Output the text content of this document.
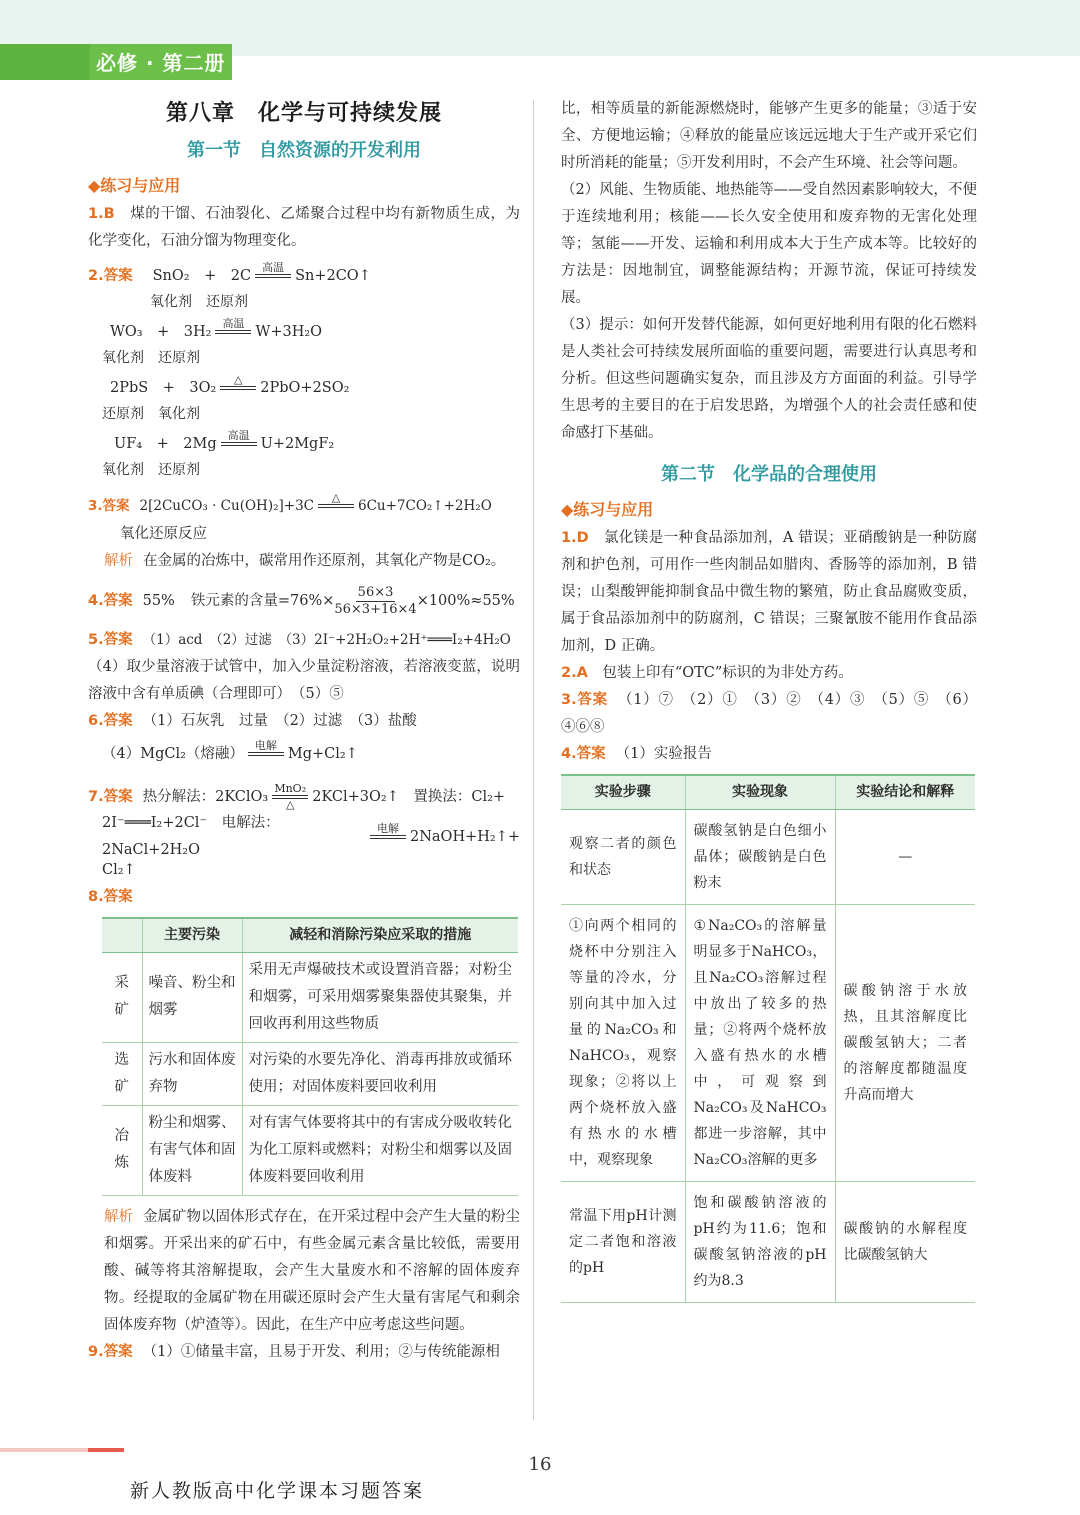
必修 · 第二册
第八章　化学与可持续发展
第一节　自然资源的开发利用
◆练习与应用

1.B　 煤的干馏、石油裂化、乙烯聚合过程中均有新物质生成，为化学变化，石油分馏为物理变化。

2.答案 SnO₂　+　2C 高温 Sn+2CO↑
氧化剂　还原剂
WO₃　+　3H₂ 高温 W+3H₂O
氧化剂　还原剂
2PbS　+　3O₂ △ 2PbO+2SO₂
还原剂　氧化剂
UF₄　+　2Mg 高温 U+2MgF₂
氧化剂　还原剂
3.答案 2[2CuCO₃ · Cu(OH)₂]+3C △ 6Cu+7CO₂↑+2H₂O
氧化还原反应

解析 在金属的冶炼中，碳常用作还原剂，其氧化产物是CO₂。

4.答案 55% 铁元素的含量$=76\%\times \frac{56\times 3}{56\times 3+16\times 4} \times 100\%\approx 55\%$

5.答案 （1）acd　（2）过滤　（3）2I⁻+2H₂O₂+2H⁺═══I₂+4H₂O

（4）取少量溶液于试管中，加入少量淀粉溶液，若溶液变蓝，说明溶液中含有单质碘（合理即可）　（5）⑤

6.答案 （1）石灰乳　过量　（2）过滤　（3）盐酸

（4）MgCl₂（熔融） 电解 Mg+Cl₂↑
7.答案 热分解法：2KClO₃ MnO₂
△ 2KCl+3O₂↑　置换法：Cl₂+
2I⁻═══I₂+2Cl⁻　电解法：2NaCl+2H₂O
电解 2NaOH+H₂↑+
Cl₂↑

8.答案

	主要污染	减轻和消除污染应采取的措施
采矿	噪音、粉尘和烟雾	采用无声爆破技术或设置消音器；对粉尘和烟雾，可采用烟雾聚集器使其聚集，并回收再利用这些物质
选矿	污水和固体废弃物	对污染的水要先净化、消毒再排放或循环使用；对固体废料要回收利用
冶炼	粉尘和烟雾、有害气体和固体废料	对有害气体要将其中的有害成分吸收转化为化工原料或燃料；对粉尘和烟雾以及固体废料要回收利用

解析 金属矿物以固体形式存在，在开采过程中会产生大量的粉尘和烟雾。开采出来的矿石中，有些金属元素含量比较低，需要用酸、碱等将其溶解提取，会产生大量废水和不溶解的固体废弃物。经提取的金属矿物在用碳还原时会产生大量有害尾气和剩余固体废弃物（炉渣等）。因此，在生产中应考虑这些问题。

9.答案 （1）①储量丰富，且易于开发、利用；②与传统能源相

比，相等质量的新能源燃烧时，能够产生更多的能量；③适于安全、方便地运输；④释放的能量应该远远地大于生产或开采它们时所消耗的能量；⑤开发利用时，不会产生环境、社会等问题。

（2）风能、生物质能、地热能等——受自然因素影响较大，不便于连续地利用；核能——长久安全使用和废弃物的无害化处理等；氢能——开发、运输和利用成本大于生产成本等。比较好的方法是：因地制宜，调整能源结构；开源节流，保证可持续发展。

（3）提示：如何开发替代能源，如何更好地利用有限的化石燃料是人类社会可持续发展所面临的重要问题，需要进行认真思考和分析。但这些问题确实复杂，而且涉及方方面面的利益。引导学生思考的主要目的在于启发思路，为增强个人的社会责任感和使命感打下基础。

第二节　化学品的合理使用
◆练习与应用

1.D　 氯化镁是一种食品添加剂，A 错误；亚硝酸钠是一种防腐剂和护色剂，可用作一些肉制品如腊肉、香肠等的添加剂，B 错误；山梨酸钾能抑制食品中微生物的繁殖，防止食品腐败变质，属于食品添加剂中的防腐剂，C 错误；三聚氰胺不能用作食品添加剂，D 正确。

2.A　 包装上印有“OTC”标识的为非处方药。

3.答案 （1）⑦　（2）①　（3）②　（4）③　（5）⑤　（6）④⑥⑧

4.答案 （1）实验报告

实验步骤	实验现象	实验结论和解释
观察二者的颜色和状态	碳酸氢钠是白色细小晶体；碳酸钠是白色粉末	—
①向两个相同的烧杯中分别注入等量的冷水，分别向其中加入过量的Na₂CO₃和NaHCO₃，观察现象；②将以上两个烧杯放入盛有热水的水槽中，观察现象	①Na₂CO₃的溶解量明显多于NaHCO₃，且Na₂CO₃溶解过程中放出了较多的热量；②将两个烧杯放入盛有热水的水槽中，可观察到Na₂CO₃及NaHCO₃都进一步溶解，其中Na₂CO₃溶解的更多	碳酸钠溶于水放热，且其溶解度比碳酸氢钠大；二者的溶解度都随温度升高而增大
常温下用pH计测定二者饱和溶液的pH	饱和碳酸钠溶液的pH约为11.6；饱和碳酸氢钠溶液的pH约为8.3	碳酸钠的水解程度比碳酸氢钠大
16
新人教版高中化学课本习题答案
